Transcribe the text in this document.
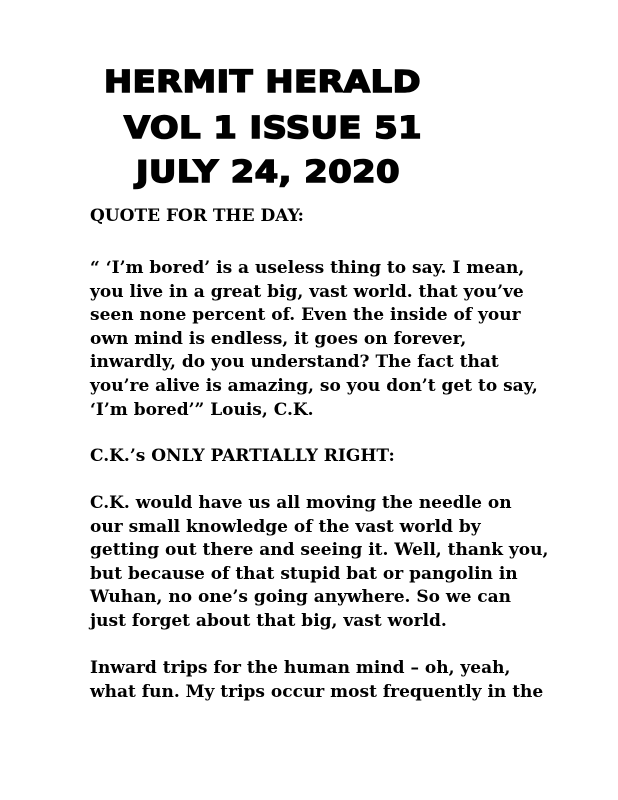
HERMIT HERALD
VOL 1 ISSUE 51
JULY 24, 2020
QUOTE FOR THE DAY:
“ ‘I’m bored’ is a useless thing to say. I mean,
you live in a great big, vast world. that you’ve
seen none percent of. Even the inside of your
own mind is endless, it goes on forever,
inwardly, do you understand? The fact that
you’re alive is amazing, so you don’t get to say,
‘I’m bored’” Louis, C.K.
C.K.’s ONLY PARTIALLY RIGHT:
C.K. would have us all moving the needle on
our small knowledge of the vast world by
getting out there and seeing it. Well, thank you,
but because of that stupid bat or pangolin in
Wuhan, no one’s going anywhere. So we can
just forget about that big, vast world.
Inward trips for the human mind – oh, yeah,
what fun. My trips occur most frequently in the
